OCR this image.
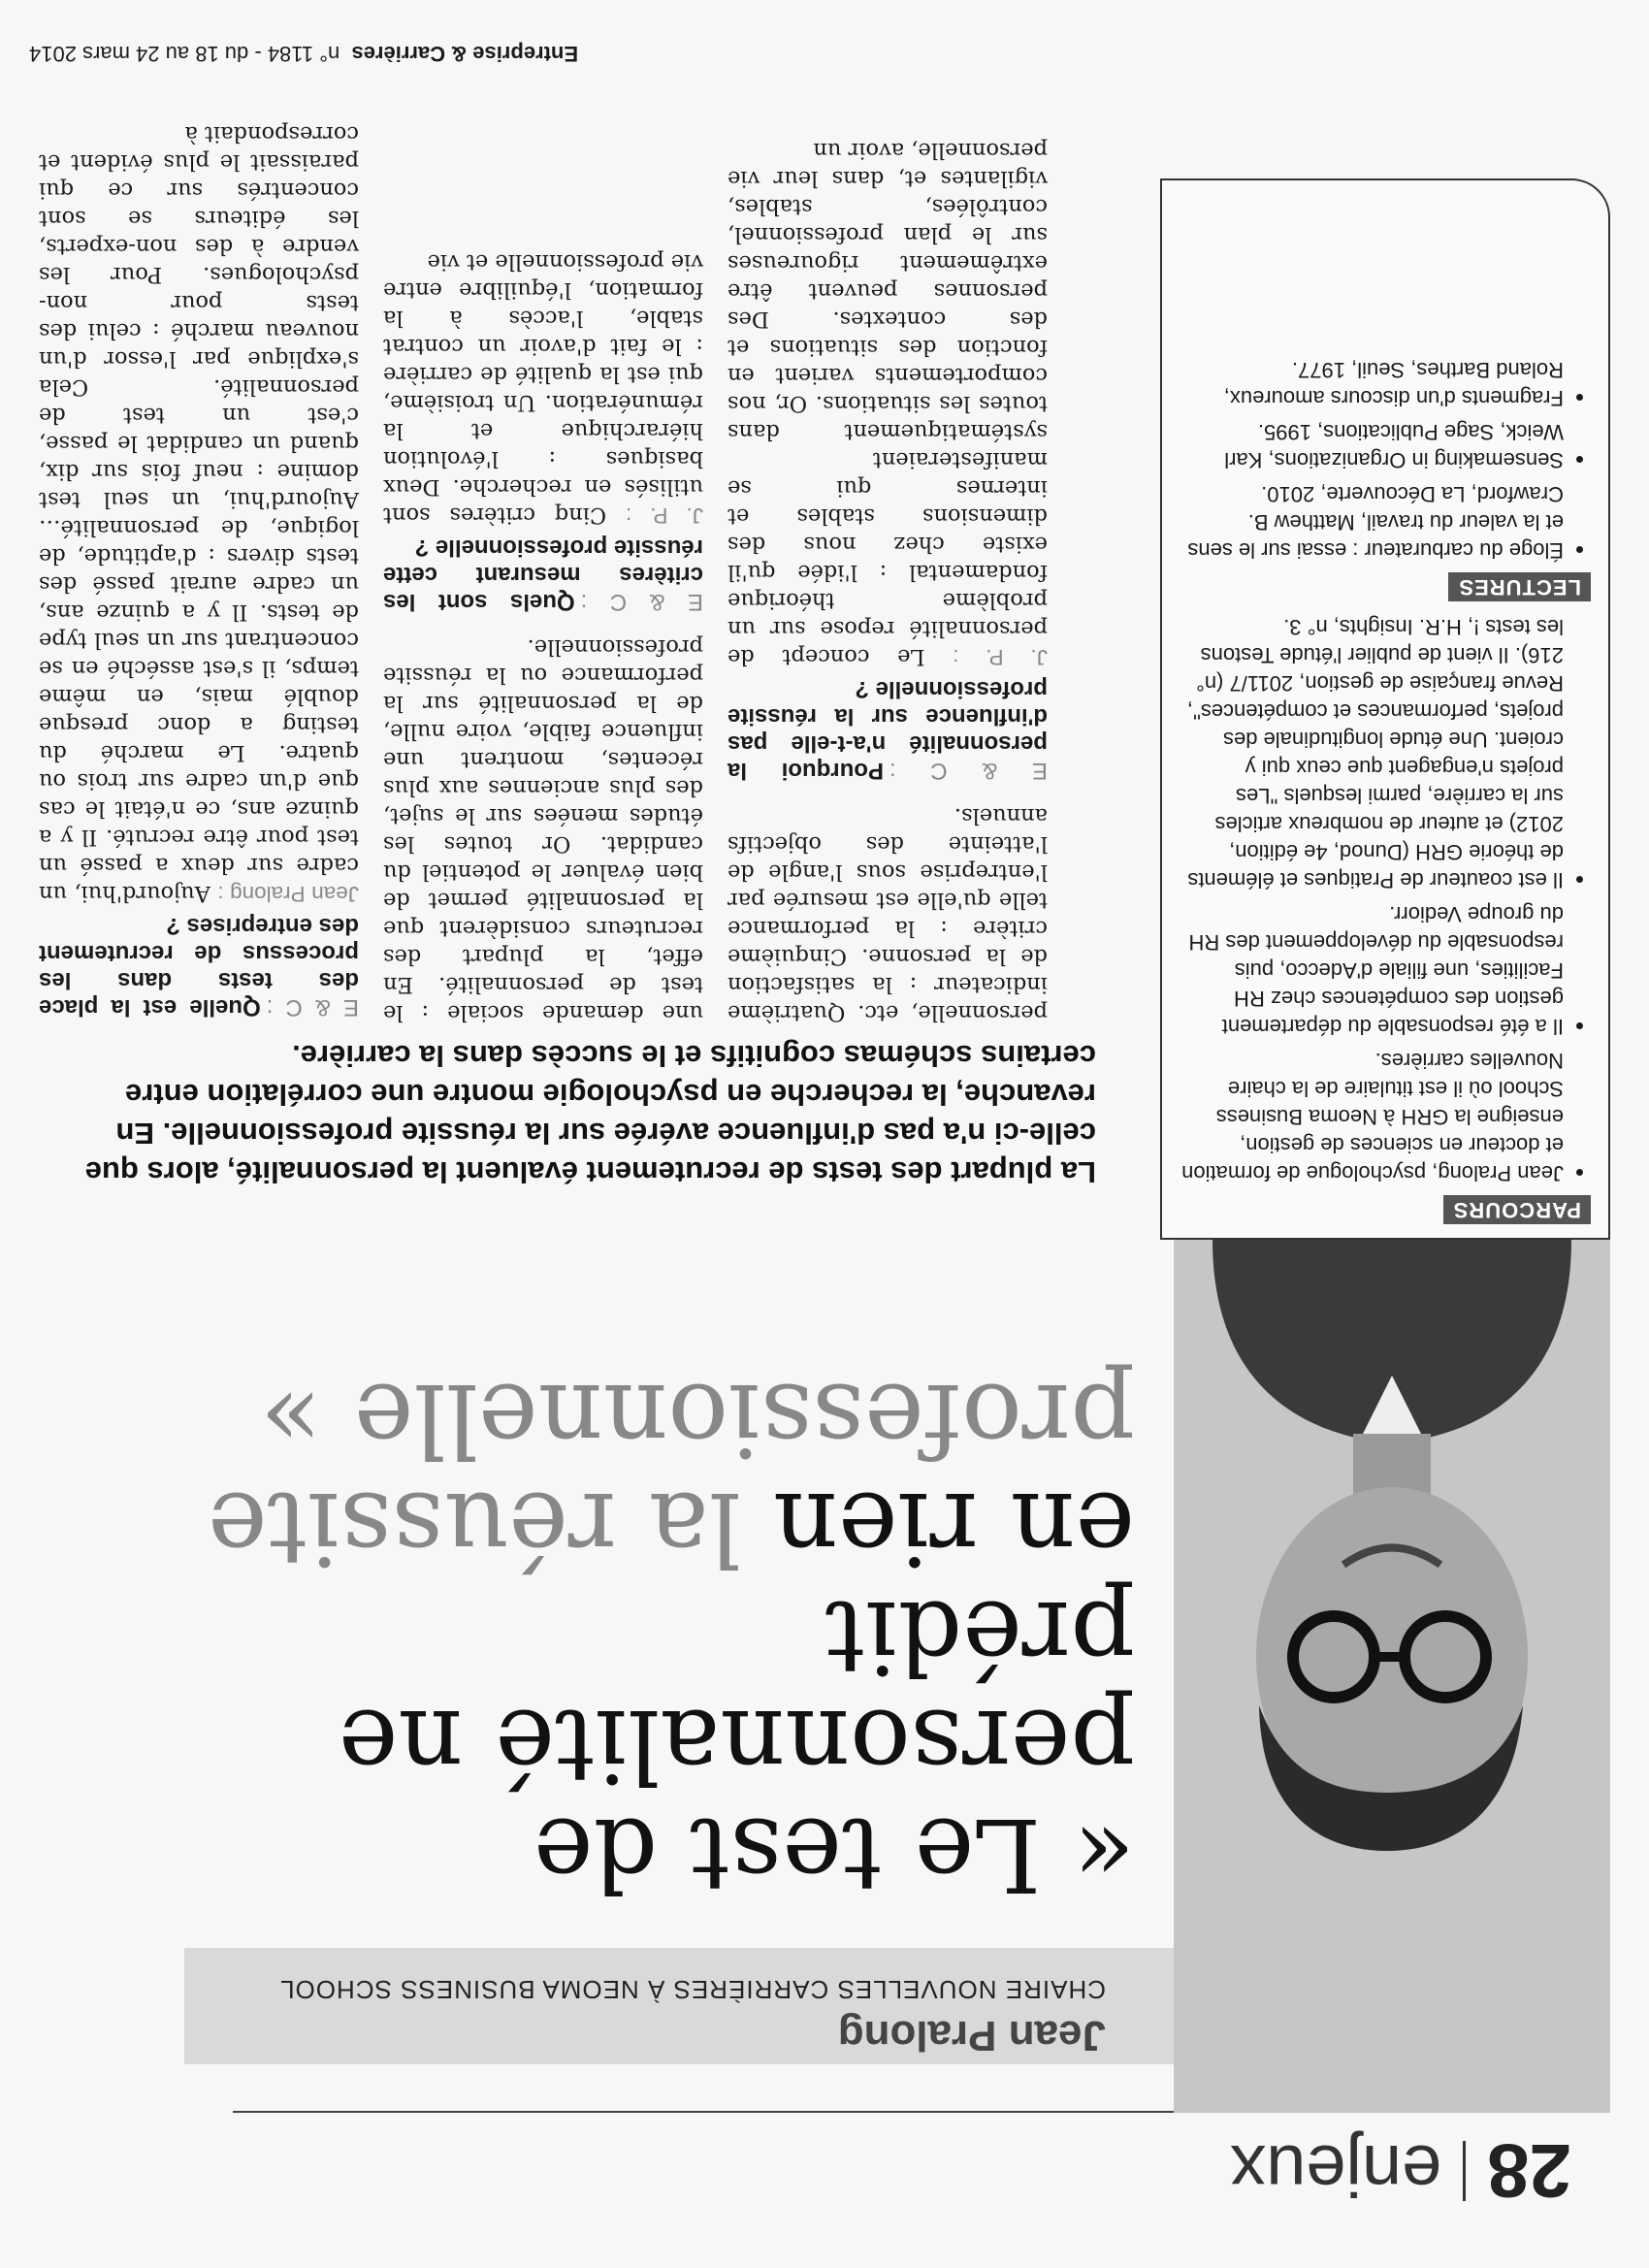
28
enjeux
Jean Pralong
CHAIRE NOUVELLES CARRIÈRES À NEOMA BUSINESS SCHOOL
« Le test de
personnalité ne prédit
en rien la réussite
professionnelle »
La plupart des tests de recrutement évaluent la personnalité, alors que celle-ci n'a pas d'influence avérée sur la réussite professionnelle. En revanche, la recherche en psychologie montre une corrélation entre certains schémas cognitifs et le succès dans la carrière.
PARCOURS
• Jean Pralong, psychologue de formation et docteur en sciences de gestion, enseigne la GRH à Neoma Business School où il est titulaire de la chaire Nouvelles carrières.
• Il a été responsable du département gestion des compétences chez RH Facilities, une filiale d'Adecco, puis responsable du développement des RH du groupe Vediorr.
• Il est coauteur de Pratiques et éléments de théorie GRH (Dunod, 4e édition, 2012) et auteur de nombreux articles sur la carrière, parmi lesquels "Les projets n'engagent que ceux qui y croient. Une étude longitudinale des projets, performances et compétences", Revue française de gestion, 2011/7 (n° 216). Il vient de publier l'étude Testons les tests !, H.R. Insights, n° 3.
LECTURES
• Éloge du carburateur : essai sur le sens et la valeur du travail, Matthew B. Crawford, La Découverte, 2010.
• Sensemaking in Organizations, Karl Weick, Sage Publications, 1995.
• Fragments d'un discours amoureux, Roland Barthes, Seuil, 1977.

E & C :Quelle est la place des tests dans les processus de recrutement des entreprises ?

Jean Pralong : Aujourd'hui, un cadre sur deux a passé un test pour être recruté. Il y a quinze ans, ce n'était le cas que d'un cadre sur trois ou quatre. Le marché du testing a donc presque doublé mais, en même temps, il s'est asséché en se concentrant sur un seul type de tests. Il y a quinze ans, un cadre aurait passé des tests divers : d'aptitude, de logique, de personnalité… Aujourd'hui, un seul test domine : neuf fois sur dix, quand un candidat le passe, c'est un test de personnalité. Cela s'explique par l'essor d'un nouveau marché : celui des tests pour non-psychologues. Pour les vendre à des non-experts, les éditeurs se sont concentrés sur ce qui paraissait le plus évident et correspondait à

une demande sociale : le test de personnalité. En effet, la plupart des recruteurs considèrent que la personnalité permet de bien évaluer le potentiel du candidat. Or toutes les études menées sur le sujet, des plus anciennes aux plus récentes, montrent une influence faible, voire nulle, de la personnalité sur la performance ou la réussite professionnelle.

E & C :Quels sont les critères mesurant cette réussite professionnelle ?

J. P. : Cinq critères sont utilisés en recherche. Deux basiques : l'évolution hiérarchique et la rémunération. Un troisième, qui est la qualité de carrière : le fait d'avoir un contrat stable, l'accès à la formation, l'équilibre entre vie professionnelle et vie

personnelle, etc. Quatrième indicateur : la satisfaction de la personne. Cinquième critère : la performance telle qu'elle est mesurée par l'entreprise sous l'angle de l'atteinte des objectifs annuels.

E & C :Pourquoi la personnalité n'a-t-elle pas d'influence sur la réussite professionnelle ?

J. P. : Le concept de personnalité repose sur un problème théorique fondamental : l'idée qu'il existe chez nous des dimensions stables et internes qui se manifesteraient systématiquement dans toutes les situations. Or, nos comportements varient en fonction des situations et des contextes. Des personnes peuvent être extrêmement rigoureuses sur le plan professionnel, contrôlées, stables, vigilantes et, dans leur vie personnelle, avoir un

Entreprise & Carrières  n° 1184 - du 18 au 24 mars 2014
